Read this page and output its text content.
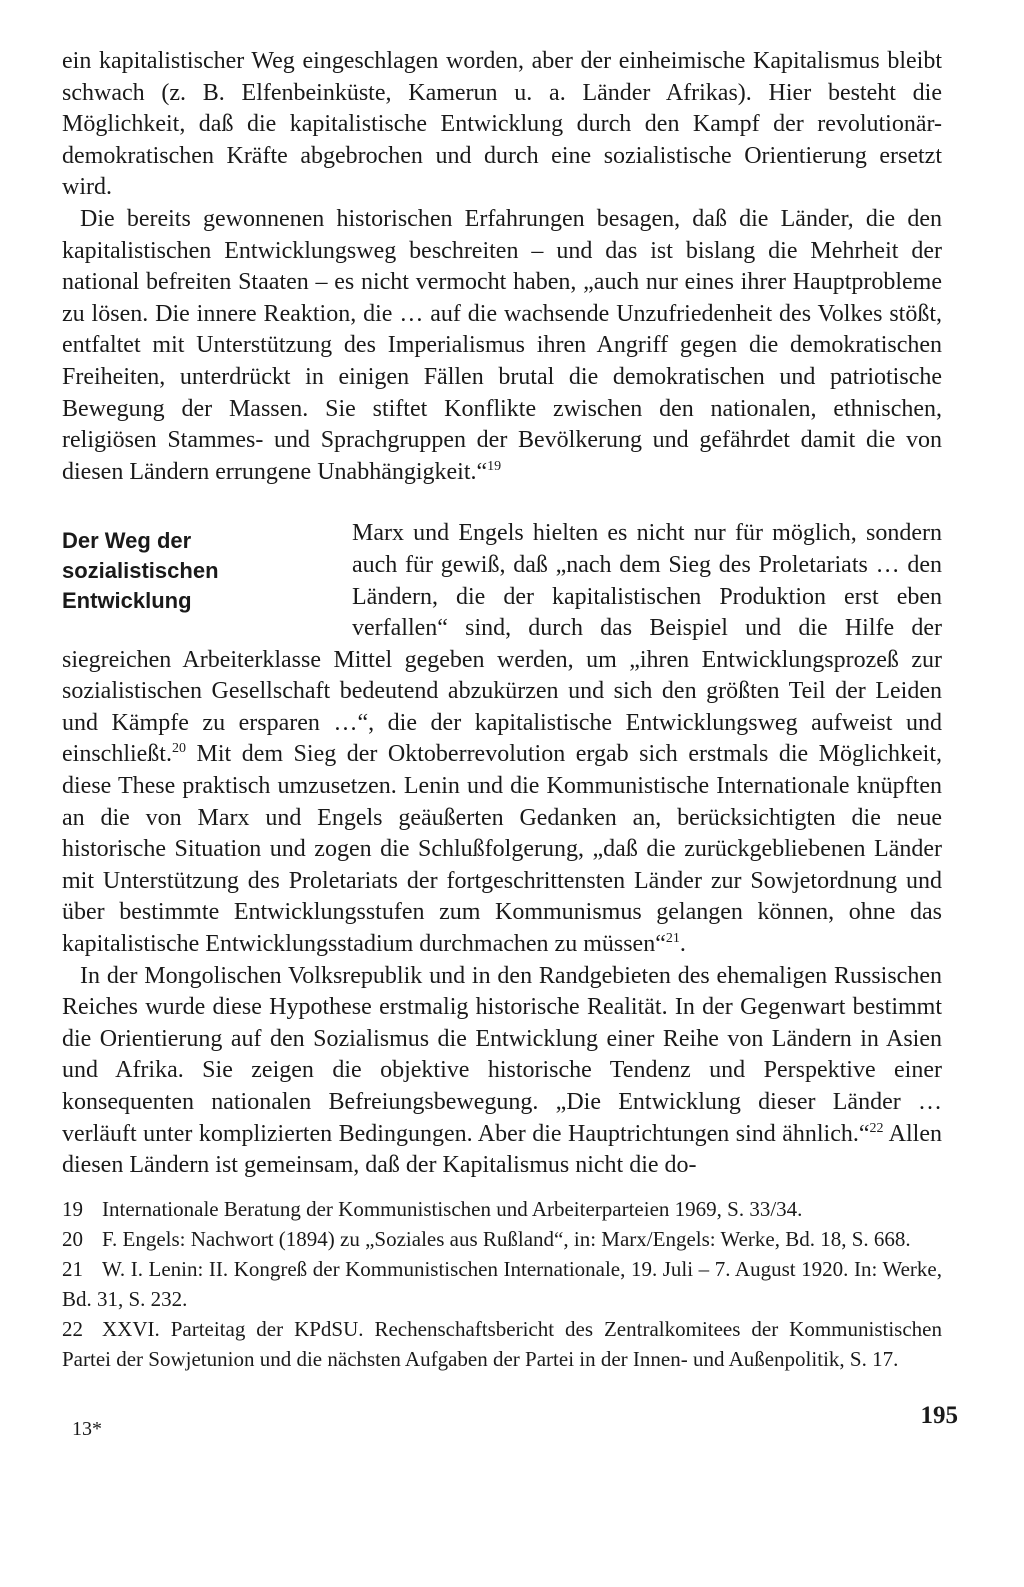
ein kapitalistischer Weg eingeschlagen worden, aber der einheimische Kapitalismus bleibt schwach (z. B. Elfenbeinküste, Kamerun u. a. Länder Afrikas). Hier besteht die Möglichkeit, daß die kapitalistische Entwicklung durch den Kampf der revolutionär-demokratischen Kräfte abgebrochen und durch eine sozialistische Orientierung ersetzt wird.

Die bereits gewonnenen historischen Erfahrungen besagen, daß die Länder, die den kapitalistischen Entwicklungsweg beschreiten – und das ist bislang die Mehrheit der national befreiten Staaten – es nicht vermocht haben, „auch nur eines ihrer Hauptprobleme zu lösen. Die innere Reaktion, die … auf die wachsende Unzufriedenheit des Volkes stößt, entfaltet mit Unterstützung des Imperialismus ihren Angriff gegen die demokratischen Freiheiten, unterdrückt in einigen Fällen brutal die demokratischen und patriotische Bewegung der Massen. Sie stiftet Konflikte zwischen den nationalen, ethnischen, religiösen Stammes- und Sprachgruppen der Bevölkerung und gefährdet damit die von diesen Ländern errungene Unabhängigkeit.“$^{19}$

Der Weg der
sozialistischen
Entwicklung

Marx und Engels hielten es nicht nur für möglich, sondern auch für gewiß, daß „nach dem Sieg des Proletariats … den Ländern, die der kapitalistischen Produktion erst eben verfallen“ sind, durch das Beispiel und die Hilfe der siegreichen Arbeiterklasse Mittel gegeben werden, um „ihren Entwicklungsprozeß zur sozialistischen Gesellschaft bedeutend abzukürzen und sich den größten Teil der Leiden und Kämpfe zu ersparen …“, die der kapitalistische Entwicklungsweg aufweist und einschließt.$^{20}$ Mit dem Sieg der Oktoberrevolution ergab sich erstmals die Möglichkeit, diese These praktisch umzusetzen. Lenin und die Kommunistische Internationale knüpften an die von Marx und Engels geäußerten Gedanken an, berücksichtigten die neue historische Situation und zogen die Schlußfolgerung, „daß die zurückgebliebenen Länder mit Unterstützung des Proletariats der fortgeschrittensten Länder zur Sowjetordnung und über bestimmte Entwicklungsstufen zum Kommunismus gelangen können, ohne das kapitalistische Entwicklungsstadium durchmachen zu müssen“$^{21}$.

In der Mongolischen Volksrepublik und in den Randgebieten des ehemaligen Russischen Reiches wurde diese Hypothese erstmalig historische Realität. In der Gegenwart bestimmt die Orientierung auf den Sozialismus die Entwicklung einer Reihe von Ländern in Asien und Afrika. Sie zeigen die objektive historische Tendenz und Perspektive einer konsequenten nationalen Befreiungsbewegung. „Die Entwicklung dieser Länder … verläuft unter komplizierten Bedingungen. Aber die Hauptrichtungen sind ähnlich.“$^{22}$ Allen diesen Ländern ist gemeinsam, daß der Kapitalismus nicht die do-

19 Internationale Beratung der Kommunistischen und Arbeiterparteien 1969, S. 33/34.

20 F. Engels: Nachwort (1894) zu „Soziales aus Rußland“, in: Marx/Engels: Werke, Bd. 18, S. 668.

21 W. I. Lenin: II. Kongreß der Kommunistischen Internationale, 19. Juli – 7. August 1920. In: Werke, Bd. 31, S. 232.

22 XXVI. Parteitag der KPdSU. Rechenschaftsbericht des Zentralkomitees der Kommunistischen Partei der Sowjetunion und die nächsten Aufgaben der Partei in der Innen- und Außenpolitik, S. 17.

13*	195
